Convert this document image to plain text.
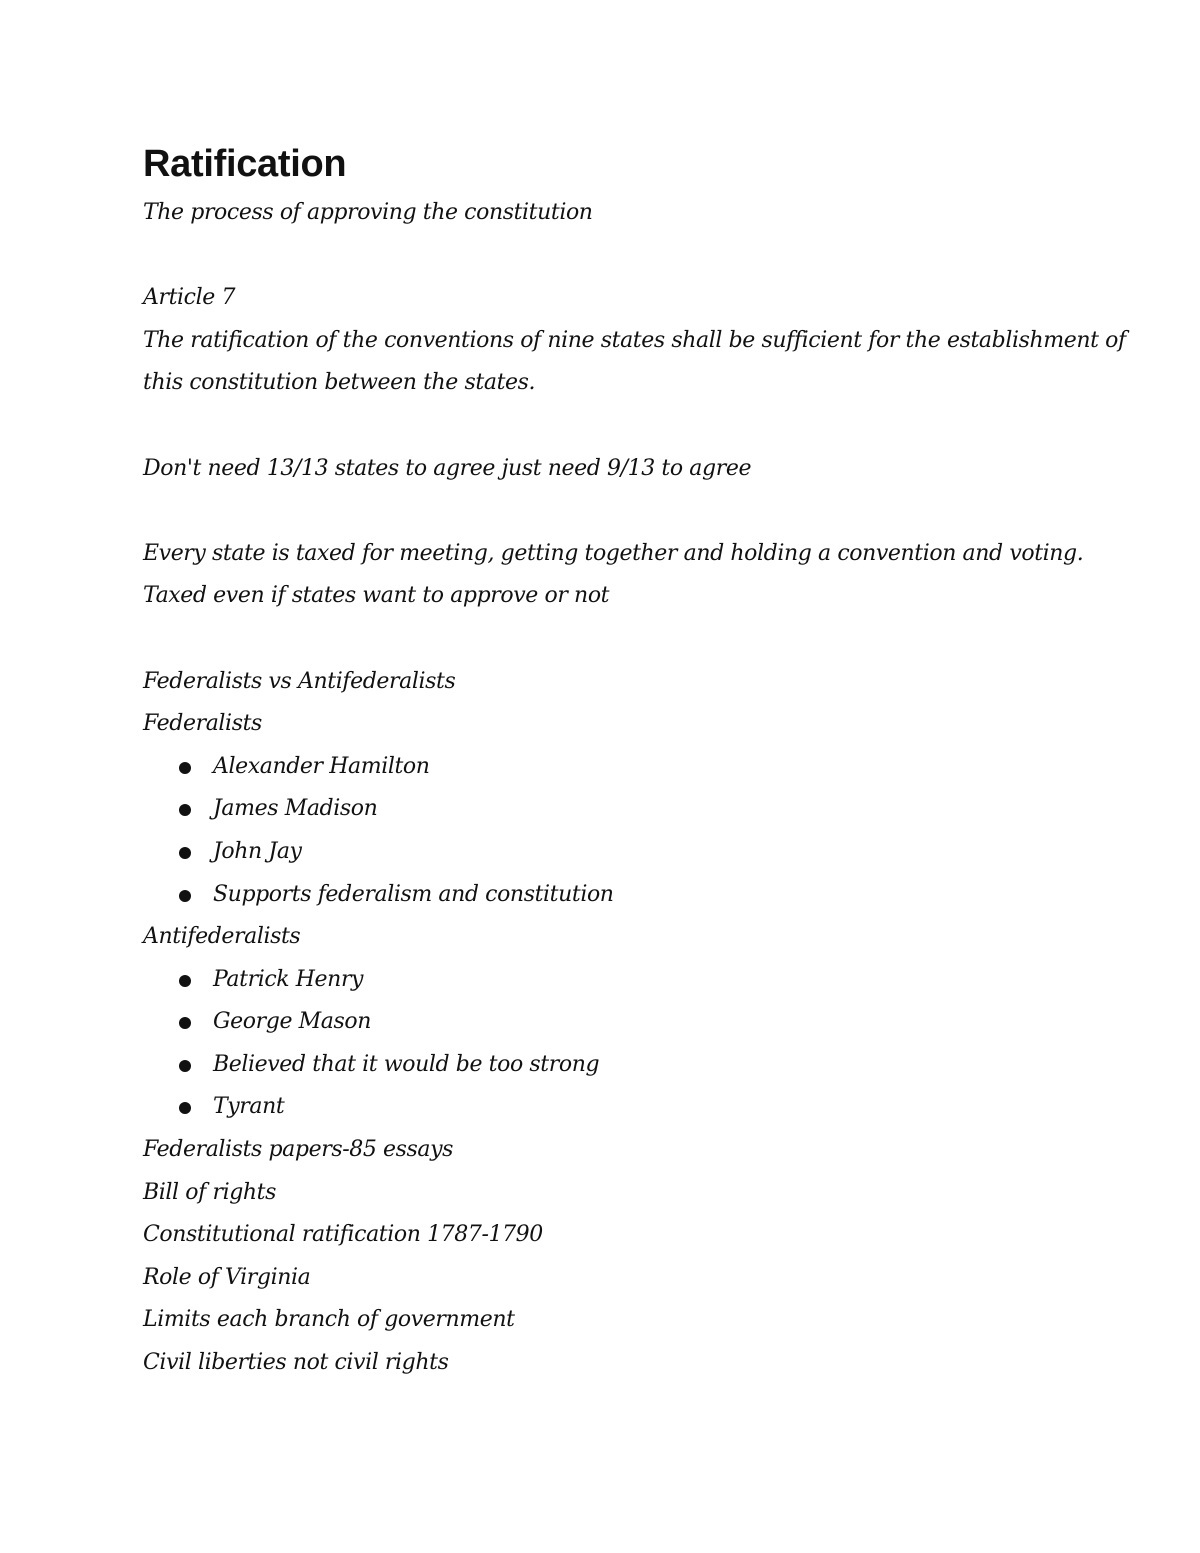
Ratification
The process of approving the constitution
Article 7
The ratification of the conventions of nine states shall be sufficient for the establishment of
this constitution between the states.
Don't need 13/13 states to agree just need 9/13 to agree
Every state is taxed for meeting, getting together and holding a convention and voting.
Taxed even if states want to approve or not
Federalists vs Antifederalists
Federalists
Alexander Hamilton
James Madison
John Jay
Supports federalism and constitution
Antifederalists
Patrick Henry
George Mason
Believed that it would be too strong
Tyrant
Federalists papers-85 essays
Bill of rights
Constitutional ratification 1787-1790
Role of Virginia
Limits each branch of government
Civil liberties not civil rights
